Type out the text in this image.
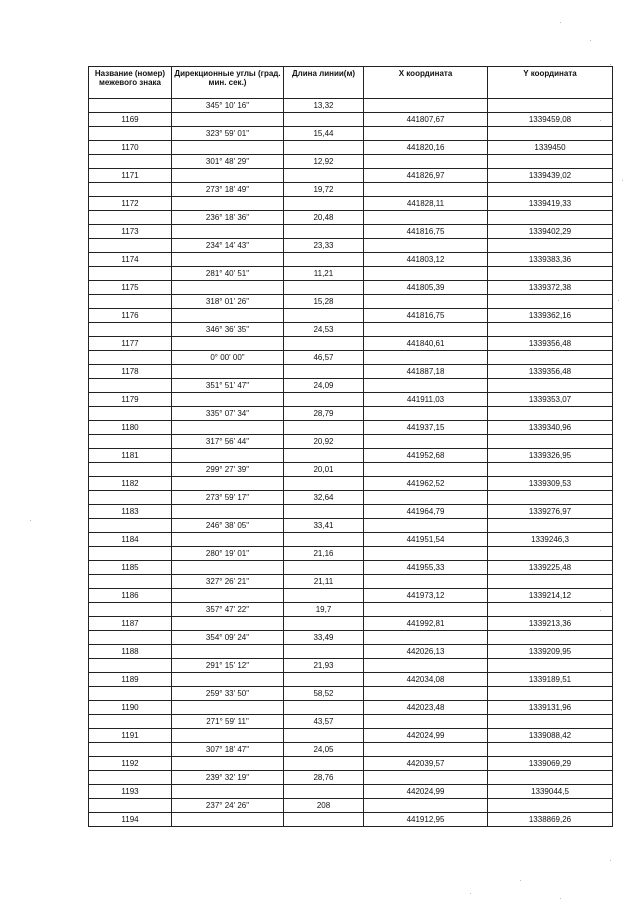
Название (номер) межевого знака	Дирекционные углы (град. мин. сек.)	Длина линии(м)	X координата	Y координата
	345° 10' 16"	13,32		
1169			441807,67	1339459,08
	323° 59' 01"	15,44		
1170			441820,16	1339450
	301° 48' 29"	12,92		
1171			441826,97	1339439,02
	273° 18' 49"	19,72		
1172			441828,11	1339419,33
	236° 18' 36"	20,48		
1173			441816,75	1339402,29
	234° 14' 43"	23,33		
1174			441803,12	1339383,36
	281° 40' 51"	11,21		
1175			441805,39	1339372,38
	318° 01' 26"	15,28		
1176			441816,75	1339362,16
	346° 36' 35"	24,53		
1177			441840,61	1339356,48
	0° 00' 00"	46,57		
1178			441887,18	1339356,48
	351° 51' 47"	24,09		
1179			441911,03	1339353,07
	335° 07' 34"	28,79		
1180			441937,15	1339340,96
	317° 56' 44"	20,92		
1181			441952,68	1339326,95
	299° 27' 39"	20,01		
1182			441962,52	1339309,53
	273° 59' 17"	32,64		
1183			441964,79	1339276,97
	246° 38' 05"	33,41		
1184			441951,54	1339246,3
	280° 19' 01"	21,16		
1185			441955,33	1339225,48
	327° 26' 21"	21,11		
1186			441973,12	1339214,12
	357° 47' 22"	19,7		
1187			441992,81	1339213,36
	354° 09' 24"	33,49		
1188			442026,13	1339209,95
	291° 15' 12"	21,93		
1189			442034,08	1339189,51
	259° 33' 50"	58,52		
1190			442023,48	1339131,96
	271° 59' 11"	43,57		
1191			442024,99	1339088,42
	307° 18' 47"	24,05		
1192			442039,57	1339069,29
	239° 32' 19"	28,76		
1193			442024,99	1339044,5
	237° 24' 26"	208		
1194			441912,95	1338869,26
